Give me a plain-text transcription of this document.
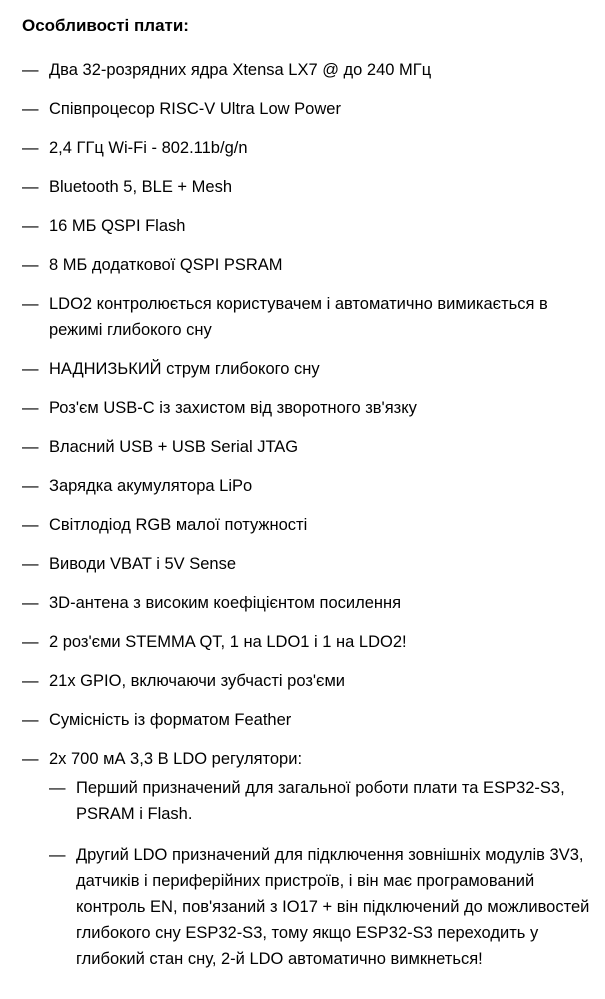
Особливості плати:
— Два 32-розрядних ядра Xtensa LX7 @ до 240 МГц
— Співпроцесор RISC-V Ultra Low Power
— 2,4 ГГц Wi-Fi - 802.11b/g/n
— Bluetooth 5, BLE + Mesh
— 16 МБ QSPI Flash
— 8 МБ додаткової QSPI PSRAM
— LDO2 контролюється користувачем і автоматично вимикається в режимі глибокого сну
— НАДНИЗЬКИЙ струм глибокого сну
— Роз'єм USB-C із захистом від зворотного зв'язку
— Власний USB + USB Serial JTAG
— Зарядка акумулятора LiPo
— Світлодіод RGB малої потужності
— Виводи VBAT і 5V Sense
— 3D-антена з високим коефіцієнтом посилення
— 2 роз'єми STEMMA QT, 1 на LDO1 і 1 на LDO2!
— 21x GPIO, включаючи зубчасті роз'єми
— Сумісність із форматом Feather
— 2x 700 мА 3,3 В LDO регулятори:
— Перший призначений для загальної роботи плати та ESP32-S3, PSRAM і Flash.
— Другий LDO призначений для підключення зовнішніх модулів 3V3, датчиків і периферійних пристроїв, і він має програмований контроль EN, пов'язаний з IO17 + він підключений до можливостей глибокого сну ESP32-S3, тому якщо ESP32-S3 переходить у глибокий стан сну, 2-й LDO автоматично вимкнеться!
